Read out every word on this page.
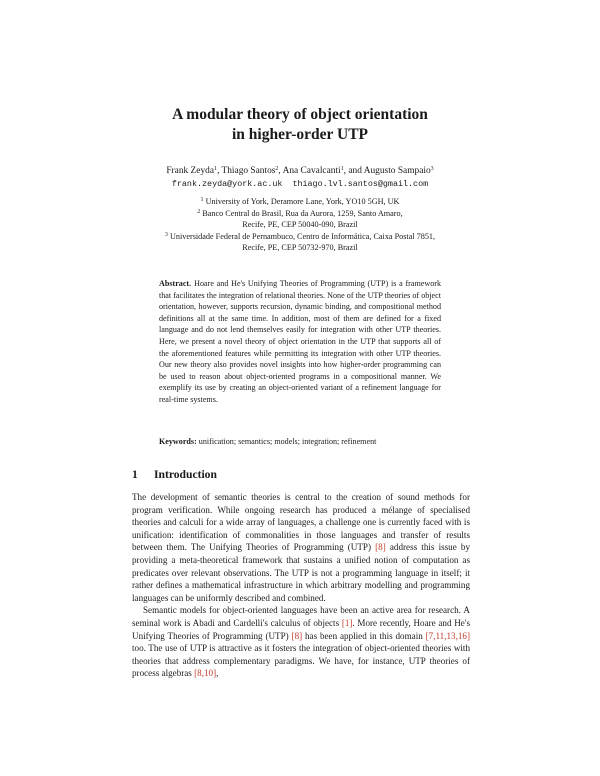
A modular theory of object orientation
in higher-order UTP
Frank Zeyda$^1$, Thiago Santos$^2$, Ana Cavalcanti$^1$, and Augusto Sampaio$^3$
frank.zeyda@york.ac.uk thiago.lvl.santos@gmail.com
$^1$ University of York, Deramore Lane, York, YO10 5GH, UK
$^2$ Banco Central do Brasil, Rua da Aurora, 1259, Santo Amaro,
Recife, PE, CEP 50040-090, Brazil
$^3$ Universidade Federal de Pernambuco, Centro de Informática, Caixa Postal 7851,
Recife, PE, CEP 50732-970, Brazil

Abstract. Hoare and He's Unifying Theories of Programming (UTP) is a framework that facilitates the integration of relational theories. None of the UTP theories of object orientation, however, supports recursion, dynamic binding, and compositional method definitions all at the same time. In addition, most of them are defined for a fixed language and do not lend themselves easily for integration with other UTP theories. Here, we present a novel theory of object orientation in the UTP that supports all of the aforementioned features while permitting its integration with other UTP theories. Our new theory also provides novel insights into how higher-order programming can be used to reason about object-oriented programs in a compositional manner. We exemplify its use by creating an object-oriented variant of a refinement language for real-time systems.

Keywords: unification; semantics; models; integration; refinement
1 Introduction

The development of semantic theories is central to the creation of sound methods for program verification. While ongoing research has produced a mélange of specialised theories and calculi for a wide array of languages, a challenge one is currently faced with is unification: identification of commonalities in those languages and transfer of results between them. The Unifying Theories of Programming (UTP) [8] address this issue by providing a meta-theoretical framework that sustains a unified notion of computation as predicates over relevant observations. The UTP is not a programming language in itself; it rather defines a mathematical infrastructure in which arbitrary modelling and programming languages can be uniformly described and combined.

Semantic models for object-oriented languages have been an active area for research. A seminal work is Abadi and Cardelli's calculus of objects [1]. More recently, Hoare and He's Unifying Theories of Programming (UTP) [8] has been applied in this domain [7,11,13,16] too. The use of UTP is attractive as it fosters the integration of object-oriented theories with theories that address complementary paradigms. We have, for instance, UTP theories of process algebras [8,10],
